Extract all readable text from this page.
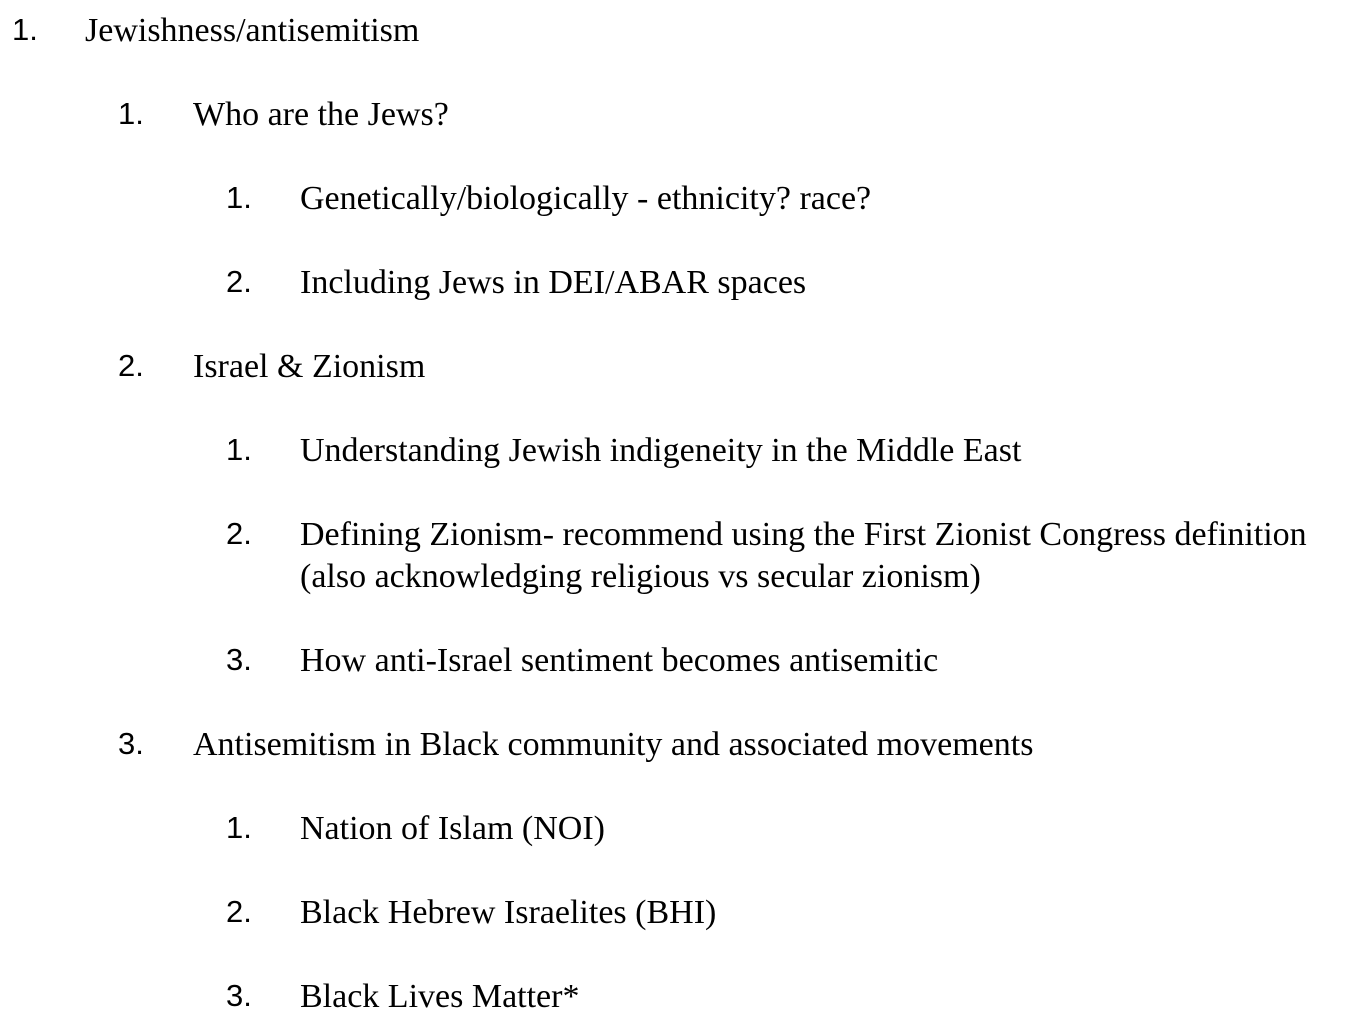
1. Jewishness/antisemitism
1. Who are the Jews?
1. Genetically/biologically - ethnicity? race?
2. Including Jews in DEI/ABAR spaces
2. Israel & Zionism
1. Understanding Jewish indigeneity in the Middle East
2. Defining Zionism- recommend using the First Zionist Congress definition
(also acknowledging religious vs secular zionism)
3. How anti-Israel sentiment becomes antisemitic
3. Antisemitism in Black community and associated movements
1. Nation of Islam (NOI)
2. Black Hebrew Israelites (BHI)
3. Black Lives Matter*
